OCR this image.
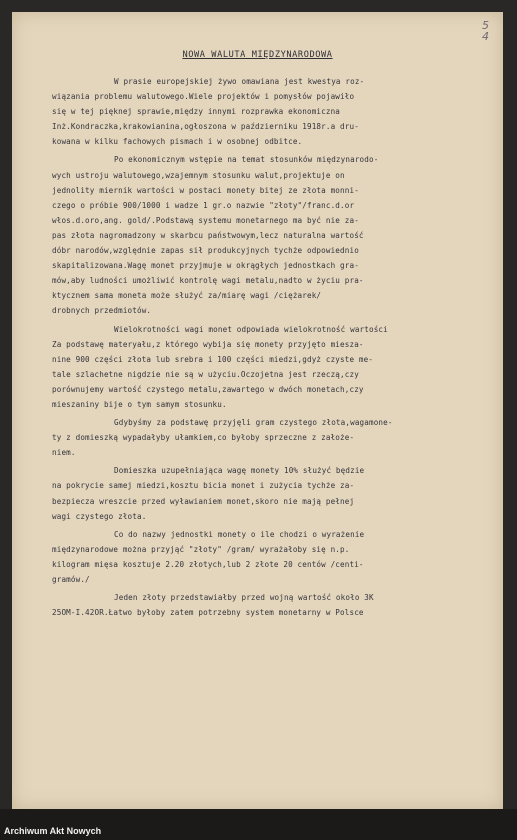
5
4
NOWA WALUTA MIĘDZYNARODOWA
W prasie europejskiej żywo omawiana jest kwestya roz-
wiązania problemu walutowego.Wiele projektów i pomysłów pojawiło
się w tej pięknej sprawie,między innymi rozprawka ekonomiczna
Inż.Kondraczka,krakowianina,ogłoszona w październiku 1918r.a dru-
kowana w kilku fachowych pismach i w osobnej odbitce.
Po ekonomicznym wstępie na temat stosunków międzynarodo-
wych ustroju walutowego,wzajemnym stosunku walut,projektuje on
jednolity miernik wartości w postaci monety bitej ze złota monni-
czego o próbie 900/1000 i wadze 1 gr.o nazwie "złoty"/franc.d.or
włos.d.oro,ang. gold/.Podstawą systemu monetarnego ma być nie za-
pas złota nagromadzony w skarbcu państwowym,lecz naturalna wartość
dóbr narodów,względnie zapas sił produkcyjnych tychże odpowiednio
skapitalizowana.Wagę monet przyjmuje w okrągłych jednostkach gra-
mów,aby ludności umożliwić kontrolę wagi metalu,nadto w życiu pra-
ktycznem sama moneta może służyć za/miarę wagi /ciężarek/
drobnych przedmiotów.
Wielokrotności wagi monet odpowiada wielokrotność wartości
Za podstawę materyału,z którego wybija się monety przyjęto miesza-
nine 900 części złota lub srebra i 100 części miedzi,gdyż czyste me-
tale szlachetne nigdzie nie są w użyciu.Oczojetna jest rzeczą,czy
porównujemy wartość czystego metalu,zawartego w dwóch monetach,czy
mieszaniny bije o tym samym stosunku.
Gdybyśmy za podstawę przyjęli gram czystego złota,wagamone-
ty z domieszką wypadałyby ułamkiem,co byłoby sprzeczne z założe-
niem.
Domieszka uzupełniająca wagę monety 10% służyć będzie
na pokrycie samej miedzi,kosztu bicia monet i zużycia tychże za-
bezpiecza wreszcie przed wyławianiem monet,skoro nie mają pełnej
wagi czystego złota.
Co do nazwy jednostki monety o ile chodzi o wyrażenie
międzynarodowe można przyjąć "złoty" /gram/ wyrażałoby się n.p.
kilogram mięsa kosztuje 2.20 złotych,lub 2 złote 20 centów /centi-
gramów./
Jeden złoty przedstawiałby przed wojną wartość około 3K
25OM-I.42OR.Łatwo byłoby zatem potrzebny system monetarny w Polsce
Archiwum Akt Nowych
